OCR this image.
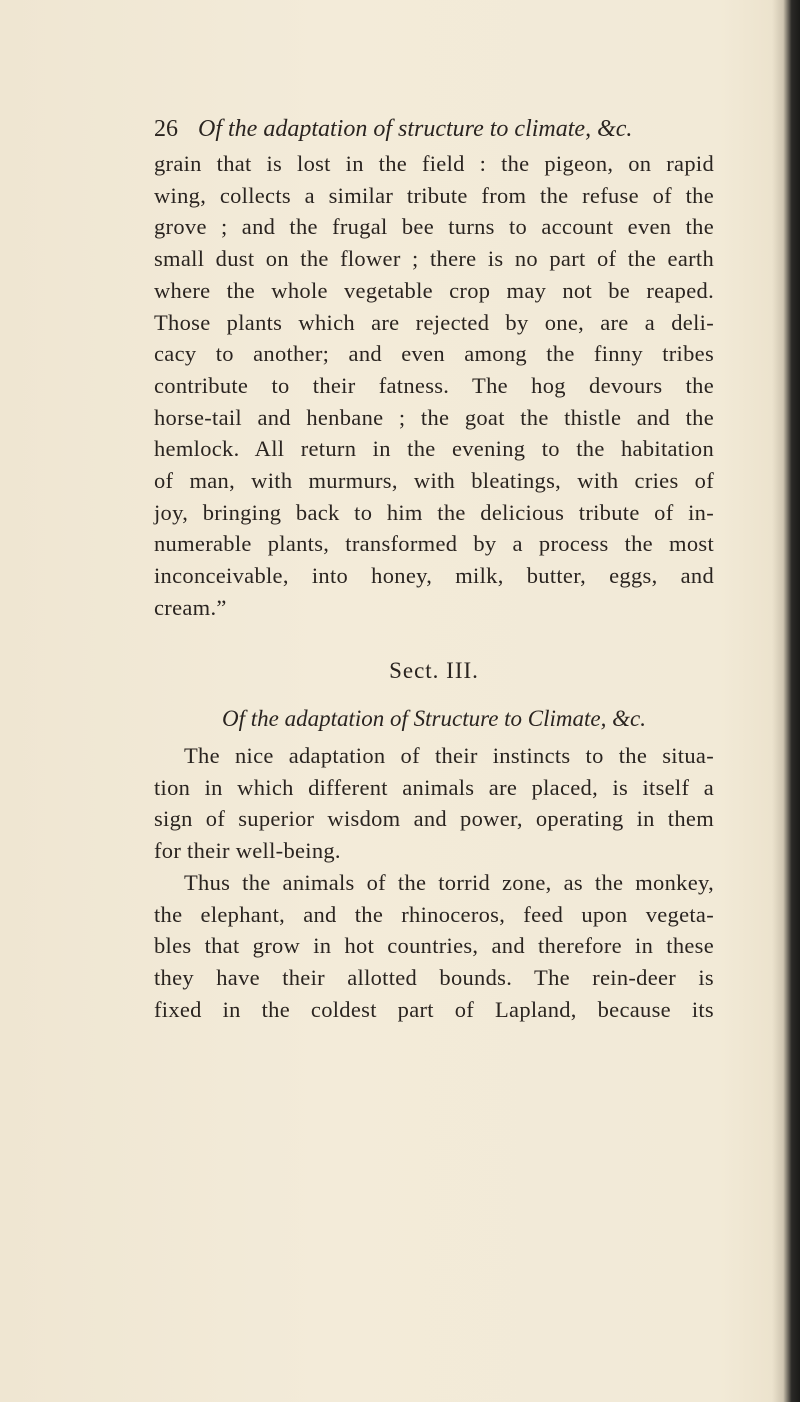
26 Of the adaptation of structure to climate, &c.
grain that is lost in the field : the pigeon, on rapid
wing, collects a similar tribute from the refuse of the
grove ; and the frugal bee turns to account even the
small dust on the flower ; there is no part of the earth
where the whole vegetable crop may not be reaped.
Those plants which are rejected by one, are a deli-
cacy to another; and even among the finny tribes
contribute to their fatness. The hog devours the
horse-tail and henbane ; the goat the thistle and the
hemlock. All return in the evening to the habitation
of man, with murmurs, with bleatings, with cries of
joy, bringing back to him the delicious tribute of in-
numerable plants, transformed by a process the most
inconceivable, into honey, milk, butter, eggs, and
cream.”
Sect. III.
Of the adaptation of Structure to Climate, &c.
The nice adaptation of their instincts to the situa-
tion in which different animals are placed, is itself a
sign of superior wisdom and power, operating in them
for their well-being.
Thus the animals of the torrid zone, as the monkey,
the elephant, and the rhinoceros, feed upon vegeta-
bles that grow in hot countries, and therefore in these
they have their allotted bounds. The rein-deer is
fixed in the coldest part of Lapland, because its
